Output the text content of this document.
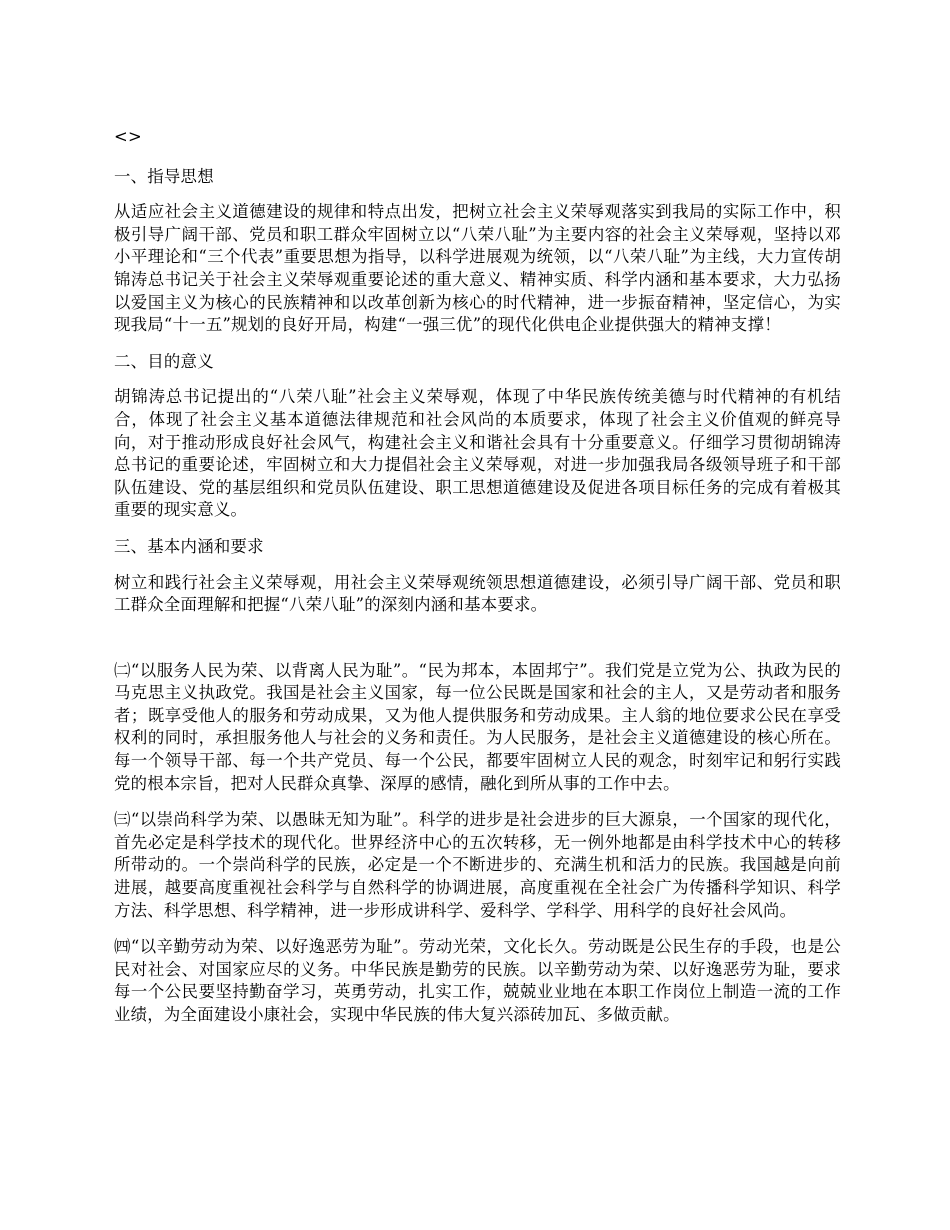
<>

一、指导思想

从适应社会主义道德建设的规律和特点出发，把树立社会主义荣辱观落实到我局的实际工作中，积极引导广阔干部、党员和职工群众牢固树立以“八荣八耻”为主要内容的社会主义荣辱观，坚持以邓小平理论和“三个代表”重要思想为指导，以科学进展观为统领，以“八荣八耻”为主线，大力宣传胡锦涛总书记关于社会主义荣辱观重要论述的重大意义、精神实质、科学内涵和基本要求，大力弘扬以爱国主义为核心的民族精神和以改革创新为核心的时代精神，进一步振奋精神，坚定信心，为实现我局“十一五”规划的良好开局，构建“一强三优”的现代化供电企业提供强大的精神支撑！

二、目的意义

胡锦涛总书记提出的“八荣八耻”社会主义荣辱观，体现了中华民族传统美德与时代精神的有机结合，体现了社会主义基本道德法律规范和社会风尚的本质要求，体现了社会主义价值观的鲜亮导向，对于推动形成良好社会风气，构建社会主义和谐社会具有十分重要意义。仔细学习贯彻胡锦涛总书记的重要论述，牢固树立和大力提倡社会主义荣辱观，对进一步加强我局各级领导班子和干部队伍建设、党的基层组织和党员队伍建设、职工思想道德建设及促进各项目标任务的完成有着极其重要的现实意义。

三、基本内涵和要求

树立和践行社会主义荣辱观，用社会主义荣辱观统领思想道德建设，必须引导广阔干部、党员和职工群众全面理解和把握“八荣八耻”的深刻内涵和基本要求。

㈡“以服务人民为荣、以背离人民为耻”。“民为邦本，本固邦宁”。我们党是立党为公、执政为民的马克思主义执政党。我国是社会主义国家，每一位公民既是国家和社会的主人，又是劳动者和服务者；既享受他人的服务和劳动成果，又为他人提供服务和劳动成果。主人翁的地位要求公民在享受权利的同时，承担服务他人与社会的义务和责任。为人民服务，是社会主义道德建设的核心所在。每一个领导干部、每一个共产党员、每一个公民，都要牢固树立人民的观念，时刻牢记和躬行实践党的根本宗旨，把对人民群众真挚、深厚的感情，融化到所从事的工作中去。

㈢“以崇尚科学为荣、以愚昧无知为耻”。科学的进步是社会进步的巨大源泉，一个国家的现代化，首先必定是科学技术的现代化。世界经济中心的五次转移，无一例外地都是由科学技术中心的转移所带动的。一个崇尚科学的民族，必定是一个不断进步的、充满生机和活力的民族。我国越是向前进展，越要高度重视社会科学与自然科学的协调进展，高度重视在全社会广为传播科学知识、科学方法、科学思想、科学精神，进一步形成讲科学、爱科学、学科学、用科学的良好社会风尚。

㈣“以辛勤劳动为荣、以好逸恶劳为耻”。劳动光荣，文化长久。劳动既是公民生存的手段，也是公民对社会、对国家应尽的义务。中华民族是勤劳的民族。以辛勤劳动为荣、以好逸恶劳为耻，要求每一个公民要坚持勤奋学习，英勇劳动，扎实工作，兢兢业业地在本职工作岗位上制造一流的工作业绩，为全面建设小康社会，实现中华民族的伟大复兴添砖加瓦、多做贡献。
